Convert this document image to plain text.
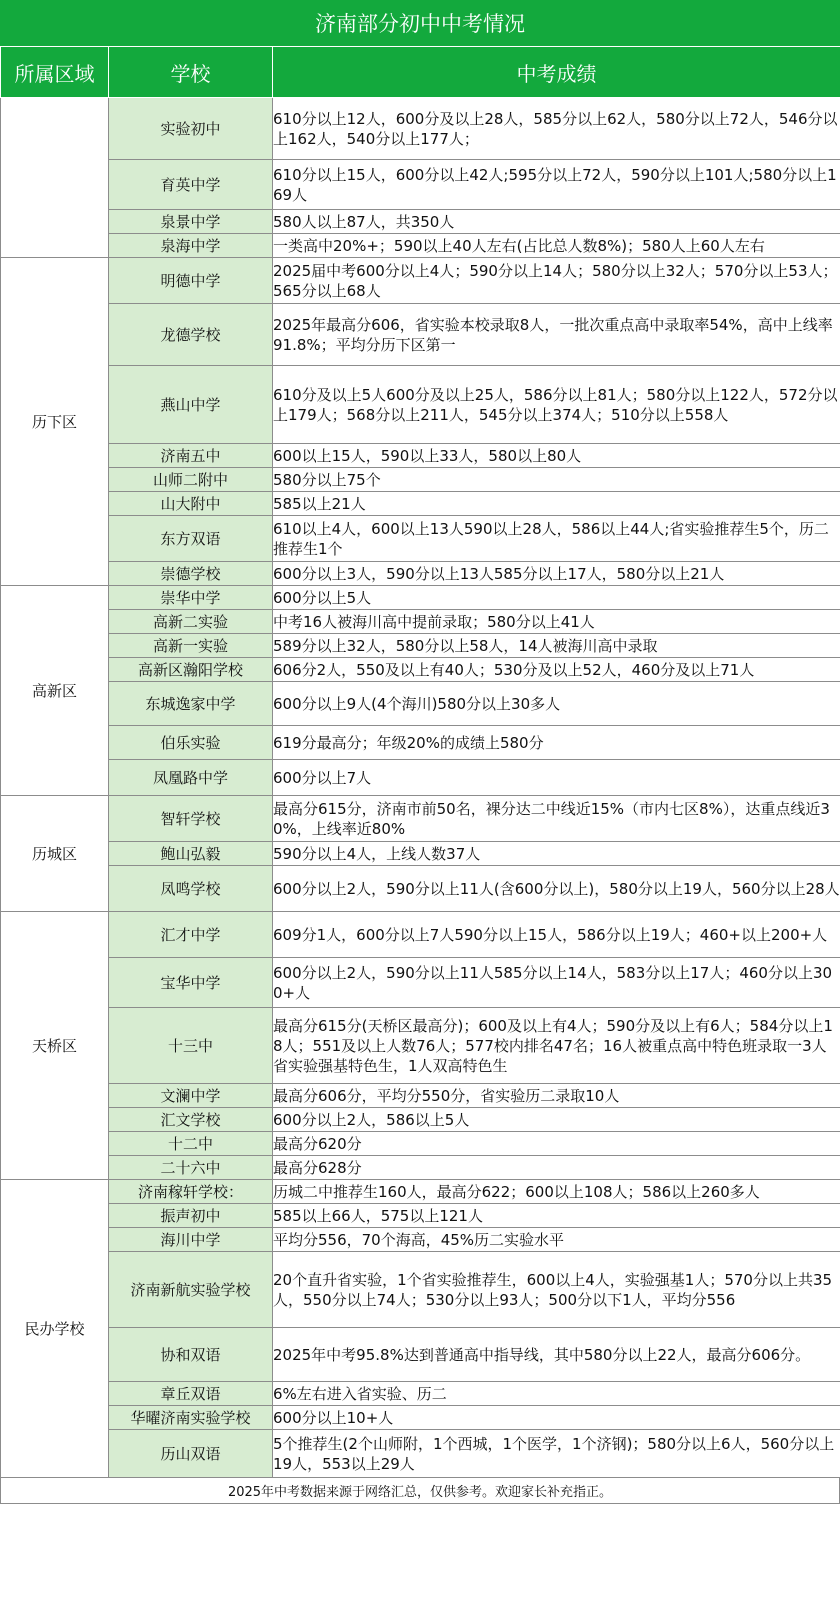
济南部分初中中考情况
所属区域	学校	中考成绩
	实验初中	610分以上12人，600分及以上28人，585分以上62人，580分以上72人，546分以上162人，540分以上177人；
	育英中学	610分以上15人，600分以上42人;595分以上72人，590分以上101人;580分以上169人
	泉景中学	580人以上87人，共350人
	泉海中学	一类高中20%+；590以上40人左右(占比总人数8%)；580人上60人左右
历下区	明德中学	2025届中考600分以上4人；590分以上14人；580分以上32人；570分以上53人；565分以上68人
	龙德学校	2025年最高分606，省实验本校录取8人，一批次重点高中录取率54%，高中上线率91.8%；平均分历下区第一
	燕山中学	610分及以上5人600分及以上25人，586分以上81人；580分以上122人，572分以上179人；568分以上211人，545分以上374人；510分以上558人
	济南五中	600以上15人，590以上33人，580以上80人
	山师二附中	580分以上75个
	山大附中	585以上21人
	东方双语	610以上4人，600以上13人590以上28人，586以上44人;省实验推荐生5个，历二推荐生1个
	崇德学校	600分以上3人，590分以上13人585分以上17人，580分以上21人
高新区	崇华中学	600分以上5人
	高新二实验	中考16人被海川高中提前录取；580分以上41人
	高新一实验	589分以上32人，580分以上58人，14人被海川高中录取
	高新区瀚阳学校	606分2人，550及以上有40人；530分及以上52人，460分及以上71人
	东城逸家中学	600分以上9人(4个海川)580分以上30多人
	伯乐实验	619分最高分；年级20%的成绩上580分
	凤凰路中学	600分以上7人
历城区	智轩学校	最高分615分，济南市前50名，裸分达二中线近15%（市内七区8%），达重点线近30%，上线率近80%
	鲍山弘毅	590分以上4人，上线人数37人
	凤鸣学校	600分以上2人，590分以上11人(含600分以上)，580分以上19人，560分以上28人
天桥区	汇才中学	609分1人，600分以上7人590分以上15人，586分以上19人；460+以上200+人
	宝华中学	600分以上2人，590分以上11人585分以上14人，583分以上17人；460分以上300+人
	十三中	最高分615分(天桥区最高分)；600及以上有4人；590分及以上有6人；584分以上18人；551及以上人数76人；577校内排名47名；16人被重点高中特色班录取一3人省实验强基特色生，1人双高特色生
	文澜中学	最高分606分，平均分550分，省实验历二录取10人
	汇文学校	600分以上2人，586以上5人
	十二中	最高分620分
	二十六中	最高分628分
民办学校	济南稼轩学校：	历城二中推荐生160人，最高分622；600以上108人；586以上260多人
	振声初中	585以上66人，575以上121人
	海川中学	平均分556，70个海高，45%历二实验水平
	济南新航实验学校	20个直升省实验，1个省实验推荐生，600以上4人，实验强基1人；570分以上共35人，550分以上74人；530分以上93人；500分以下1人，平均分556
	协和双语	2025年中考95.8%达到普通高中指导线，其中580分以上22人，最高分606分。
	章丘双语	6%左右进入省实验、历二
	华曜济南实验学校	600分以上10+人
	历山双语	5个推荐生(2个山师附，1个西城，1个医学，1个济钢)；580分以上6人，560分以上19人，553以上29人
2025年中考数据来源于网络汇总，仅供参考。欢迎家长补充指正。
